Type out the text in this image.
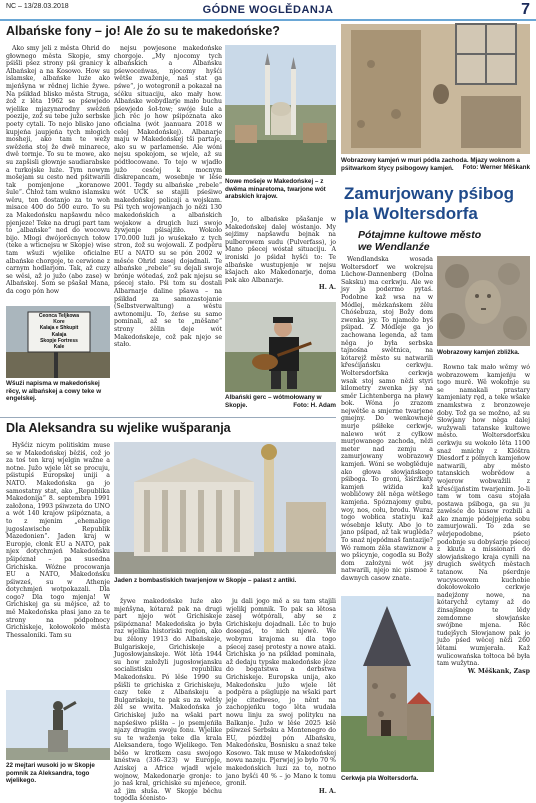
NC – 13/28.03.2018	GÓDNE WOGLĚDANJA	7
Albańske fony – jo! Ale źo su te makedońske?

Ako smy jeli z města Ohrid do głownego města Skopje, smy pśišli pśez strony pśi granicy k Albańskej a na Kosowo. How su islamske, albańske luźe ako mjeńšyna w rědnej lichie žywe. Na pśikład blisko města Struga, źož z lěta 1962 se pśewjedo wjelike mjazynarodny swěźeń poezije, zož su tebe južo serbske poety cytali. To nejo blisko jano kupjeńa jaupjeńa tych młogich mosheji, ako tam te wežy swěźeńa stoj že dwě minarece, dwě tormje. To su te mowe, ako su zapšisli głownje saudiarabske a turkojske luźe. Tym nowym mošejam su cesto ned pśitwarili tak pomjenjone „koranowe šule“. Chłoź tam wukno islamsku wěru, ten dostanjo za to woh misace 400 do 500 euro. To su za Makedońsku napšawdu něco pjenjeze! Teke na drugi part tam to „albańske“ ned do wocowu bijo. Młogi dwójorěcnych tołow (teke a wticnejsu w Skopje) wise tam wšuźi wjelike oficialne albańske chorgoje, te cerwione z carnym hodlarjom. Tak, až cuzy se wěsi, až jo južo (abo zase) w Albańskej. Som se pšašał Mana, da cogo pón how

Ceonca Teljkowa
Kore
Kalaja e Shkupit
Kalaja
Skopje Fortress
Kale
Wšuźi napisma w makedońskej rěcy, w albańskej a cowy teke w engelskej.

nejsu powjesone makedońske chorgoje. „My njocomy tych albańskich a Albańsku pśewoceńwas, njocomy hyšći wětše zwaženje, naš stat ga pśwe“, jo wotegronił a pokazał na sćěku situaciju, ako mały how. Albańske wobydlarje mało buchu pśewjedo šoł-tow; swóje šule a jich rěc jo how pśipóznata ako oficialna (wót jaanuara 2018 w celej Makedońskej). Albanarje maju w Makedońskej tši partaje, ako su w parlamenśe. Ale wóni nejsu spokojom, se wjele, až su pódtłocowane. To tejo w wjadło južo cesćej k mocnym diskrepancam, wosebnje w lěśe 2001. Tegdy su albańske „rebele“ wót UCK se stajili pśeśiwo makedońskej policaji a wojskam. Pśi tych wojowanjach jo něźi 130 makedońskich a albańskich wojakow a drugich luzi swojo žywjenje pšisajźiło. Wokoło 170.000 luźi jo wuśekało z tych stron, źož su wojowali. Z podpěru EU a NATO su se pón 2002 w měsće Ohrid zasej dojadnali. Te albańske „rebele“ su dejali swoje brónje wótedaś, zož pak njejsu se pśecej stało. Pśi tom su dostali Albarnarje daline pšawa – na pśikład za samozastojanie (Selbstverwaltung) a wěstu awtonomiju. To, źeńse su samo pominali, až se te „měšane“ strony źělin deje wót Makedońskeje, což pak njejo se stało.

Nowe mošeje w Makedońskej – z dwěma minaretoma, twarjone wót arabskich krajow.

Jo, to albańske pšašanje w Makedońskej dalej wóstanjo. My sejźimy napšawdu bejnak na pulberowem sudu (Pulverfass), jo Mano pšecej wóstał situaciju. A ironiski jo pśidał hyšći to: Te albańske wustupjenje w nejsu kšajach ako Makedonarje, doma pak ako Albanarje.

H. A.
Albański gerc – wótmołowany w Skopje.	Foto: H. Adam
Wobrazowy kamjeń w muri pódla zachoda. Mjazy woknom a pśitwarkom štycy psibogowy kamjeń.	Foto: Werner Měškank
Zamurjowany pśibog
pla Woltersdorfa
Pótajmne kultowe město
we Wendlanźe

Wendlandska wosada Woltersdorf we wokrejsu Lüchow-Dannenberg (Dolna Saksku) ma cerkwju. Ale we jsy ja podermo pytaś. Podobne kaž wsa na w Módlej, mězkańskem źělu Chóśebuza, stoj Božy dom zwenka jsy. To njamožo byś pśipad. Z Módleje ga jo zachowana legenda, až tam něga jo była serbska tajnośna swětnica, na kótarejž město su natwarili křesćijańsku cerkwju. Woltersdorfska cerkwja wsak stoj samo něźi styri kilometry zwenka jsy na směr Lichtenberga na pławy bok. Wóna jo zrazom nejwětše a smjerne twarjene gmejny. Do wenkownejé murje pśiłeke cerkwje, nalewo wót z cyłkow murjowanego zachoda, něźi meter nad zemju a zamurjowany wobrazowy kamjeń. Wóni se wobglěduje ako głowa słowjańskego pśiboga. To groni, šiśrźkaty kamjeń wiźida kaž wobličowy źěl něga wětšego kamjeńa. Spóznajomy gubu, woy, nos, cołu, brodu. Wuraz togo wobłica stativju kaž wósebnje kšuty. Abo jo to jano pśipad, až tak wuglěda? To snaź njepódmaš fantazije? Wó ramom źěla stawiznow a wo pšicynje, cogodla su Božy dom założyni wót jsy natwarili, njejo nic pismoe z dawnych casow znate.

Wobrazowy kamjeń zbližka.

Rowno tak mało wěmy wó wobrazowem kamjeńju w togo murě. Wě wokołnje su se namakali prastary kamjeniaty ręd, a teke wšake znamkstwa z bronzoweje doby. Tož ga se možno, až su Słowjany how něga dalej wužywali tatanske kultowe město. Woltersdorfsku cerkwju su wokoło lěta 1100 snaź mnichy z Klóštra Diesdorf z pólnych kamjeńow natwarili, aby město tatanskich wobrědow a wojerow wobwažili z křesćijaństim twarjenim. Jo-li tam w tom casu stojała postawa pśiboga, ga su ju zawěsće do kusow rozbili a ako znamje pódejpjeńa sobu zamurjowali. To zda se wěrjepodobne, pśeto podobnje su dobyśarje pśecej z kkuta a missionari do słowjańskego kraja cynili na drugich swětych městach tatanow. Na pśerdnje wucyscowem kuchobie dokołowokoło cerkwje nadejźony nowe, na kótarychž cytamy až do źinsajšnego te lědy zemdomne słowjańske swójbne mjena. Rěc tudejšych Słowjanow pak jo južo pśed wěcej něźi 260 lětami wumjerała. Kaž wulicowańska tołtoca bě była tam wužytna.

W. Měškank, Zasp
Cerkwja pla Woltersdorfa.
Dla Aleksandra su wjelike wušparanja

Hyšćiz nicym politiskim muse se w Makedońskej běźiś, což jo za toś ten kraj wjelgin wažne a notne. Južo wjele lět se procuju, pśistupiś Europskej uniji a NATO. Makedońska ga jo samostatny stat, ako „Republika Makedonija“ 8. septembra 1991 załožona, 1993 pśiwzeta do UNO a wót 140 krajow pśipóznata, a to z mjenim „ehemalige jugoslawische Republik Mazedonien“. Jaden kraj w Europje, cłonk EU a NATO, pak njex dotychmjeń Makedońsku pšipóznał – pa susedna Grichiska. Wóźne procowanja EU a NATO, Makedońsku pśiwześ, su w Athenje dotychmjeń wotpokazali. Dla cogo? Dla togo mjenja! W Grichiskej ga su mějsce, až to mě Makedońska płasi jano za te strony na pódpołnocy Grichiskeje, kołowokoło města Thessaloniki. Tam su

Jaden z bombastiskich twarjenjow w Skopje – palast z antiki.

žywe makedońske luźe ako mjeńšyna, kótaraž pak na drugi part njejo wót Grichiskeje pśipóznana! Makedońska jo była raz wjelika historiski region, ako bu źělony 1913 do Albańskeje, Bulgariskeje, Grichiskeje a Jugosłowjanskeje. Wót lěta 1944 su how załožyli jugosłowjansku socialistisku republiku Makedońsku. Pó lěśe 1990 su pšišli te grichiska z Grichiskeju, cazy teke z Albańskeju a Bulgariskeju, te pak su za wětšy źěl se wwita. Makedońska jo Grichiskej južo na wšaki part napśeśiwo pšišła – jo psemjeńiła njazy drugim swoju fonu. Wjelike su te waženja teke dla krala Aleksandera, togo Wjelikego. Ten běšo w krotkem casu swojogo knéstwa (336–323) w Europje, Aziskej a Africe wjadł wjele wojnow, Makedonarje gronje: to jo naš kral, grichiske su mjeńece, až jim słuša. W Skopje běchu togodla šćenisto-

ju dali jogo mě a su tam stajili wjelikj pomnik. To pak sa lětosa zasej wótpórali, aby se z Grichiskeju dojadnali. Lěc to bujo dosegaś, to nich njewě. We wobymu krajoma su dla togo pśecej zasej protesty a nowe ataki. Grichiska jo na pśikład pominała, až dedaju typske makedońske jěze do bogatstwa a derbstwa Grichiskeje. Europska unija, ako Makedońsku južo wjele lět podpěra a pśiglupje na wšaki part jeje citedweso, jo něnt na zachopjeńku togo lěta wudała nowu linju za swoj polityku na Balkanje. Južo w lěśe 2025 kśě pśiwześ Serbsku a Montenegro do EU, pózdźej pón Albańsku, Makedońsku, Bosnisku a snaź teke Kosowo. Tak muse w Makedońskej nowu nazeju. Pjerwjej jo było 70 % makedońskich luzi za to, notno jano byšći 40 % – jo Mano k tomu gronił.

H. A.
22 mejtari wusoki jo w Skopje pomnik za Aleksandra, togo wjelikego.
